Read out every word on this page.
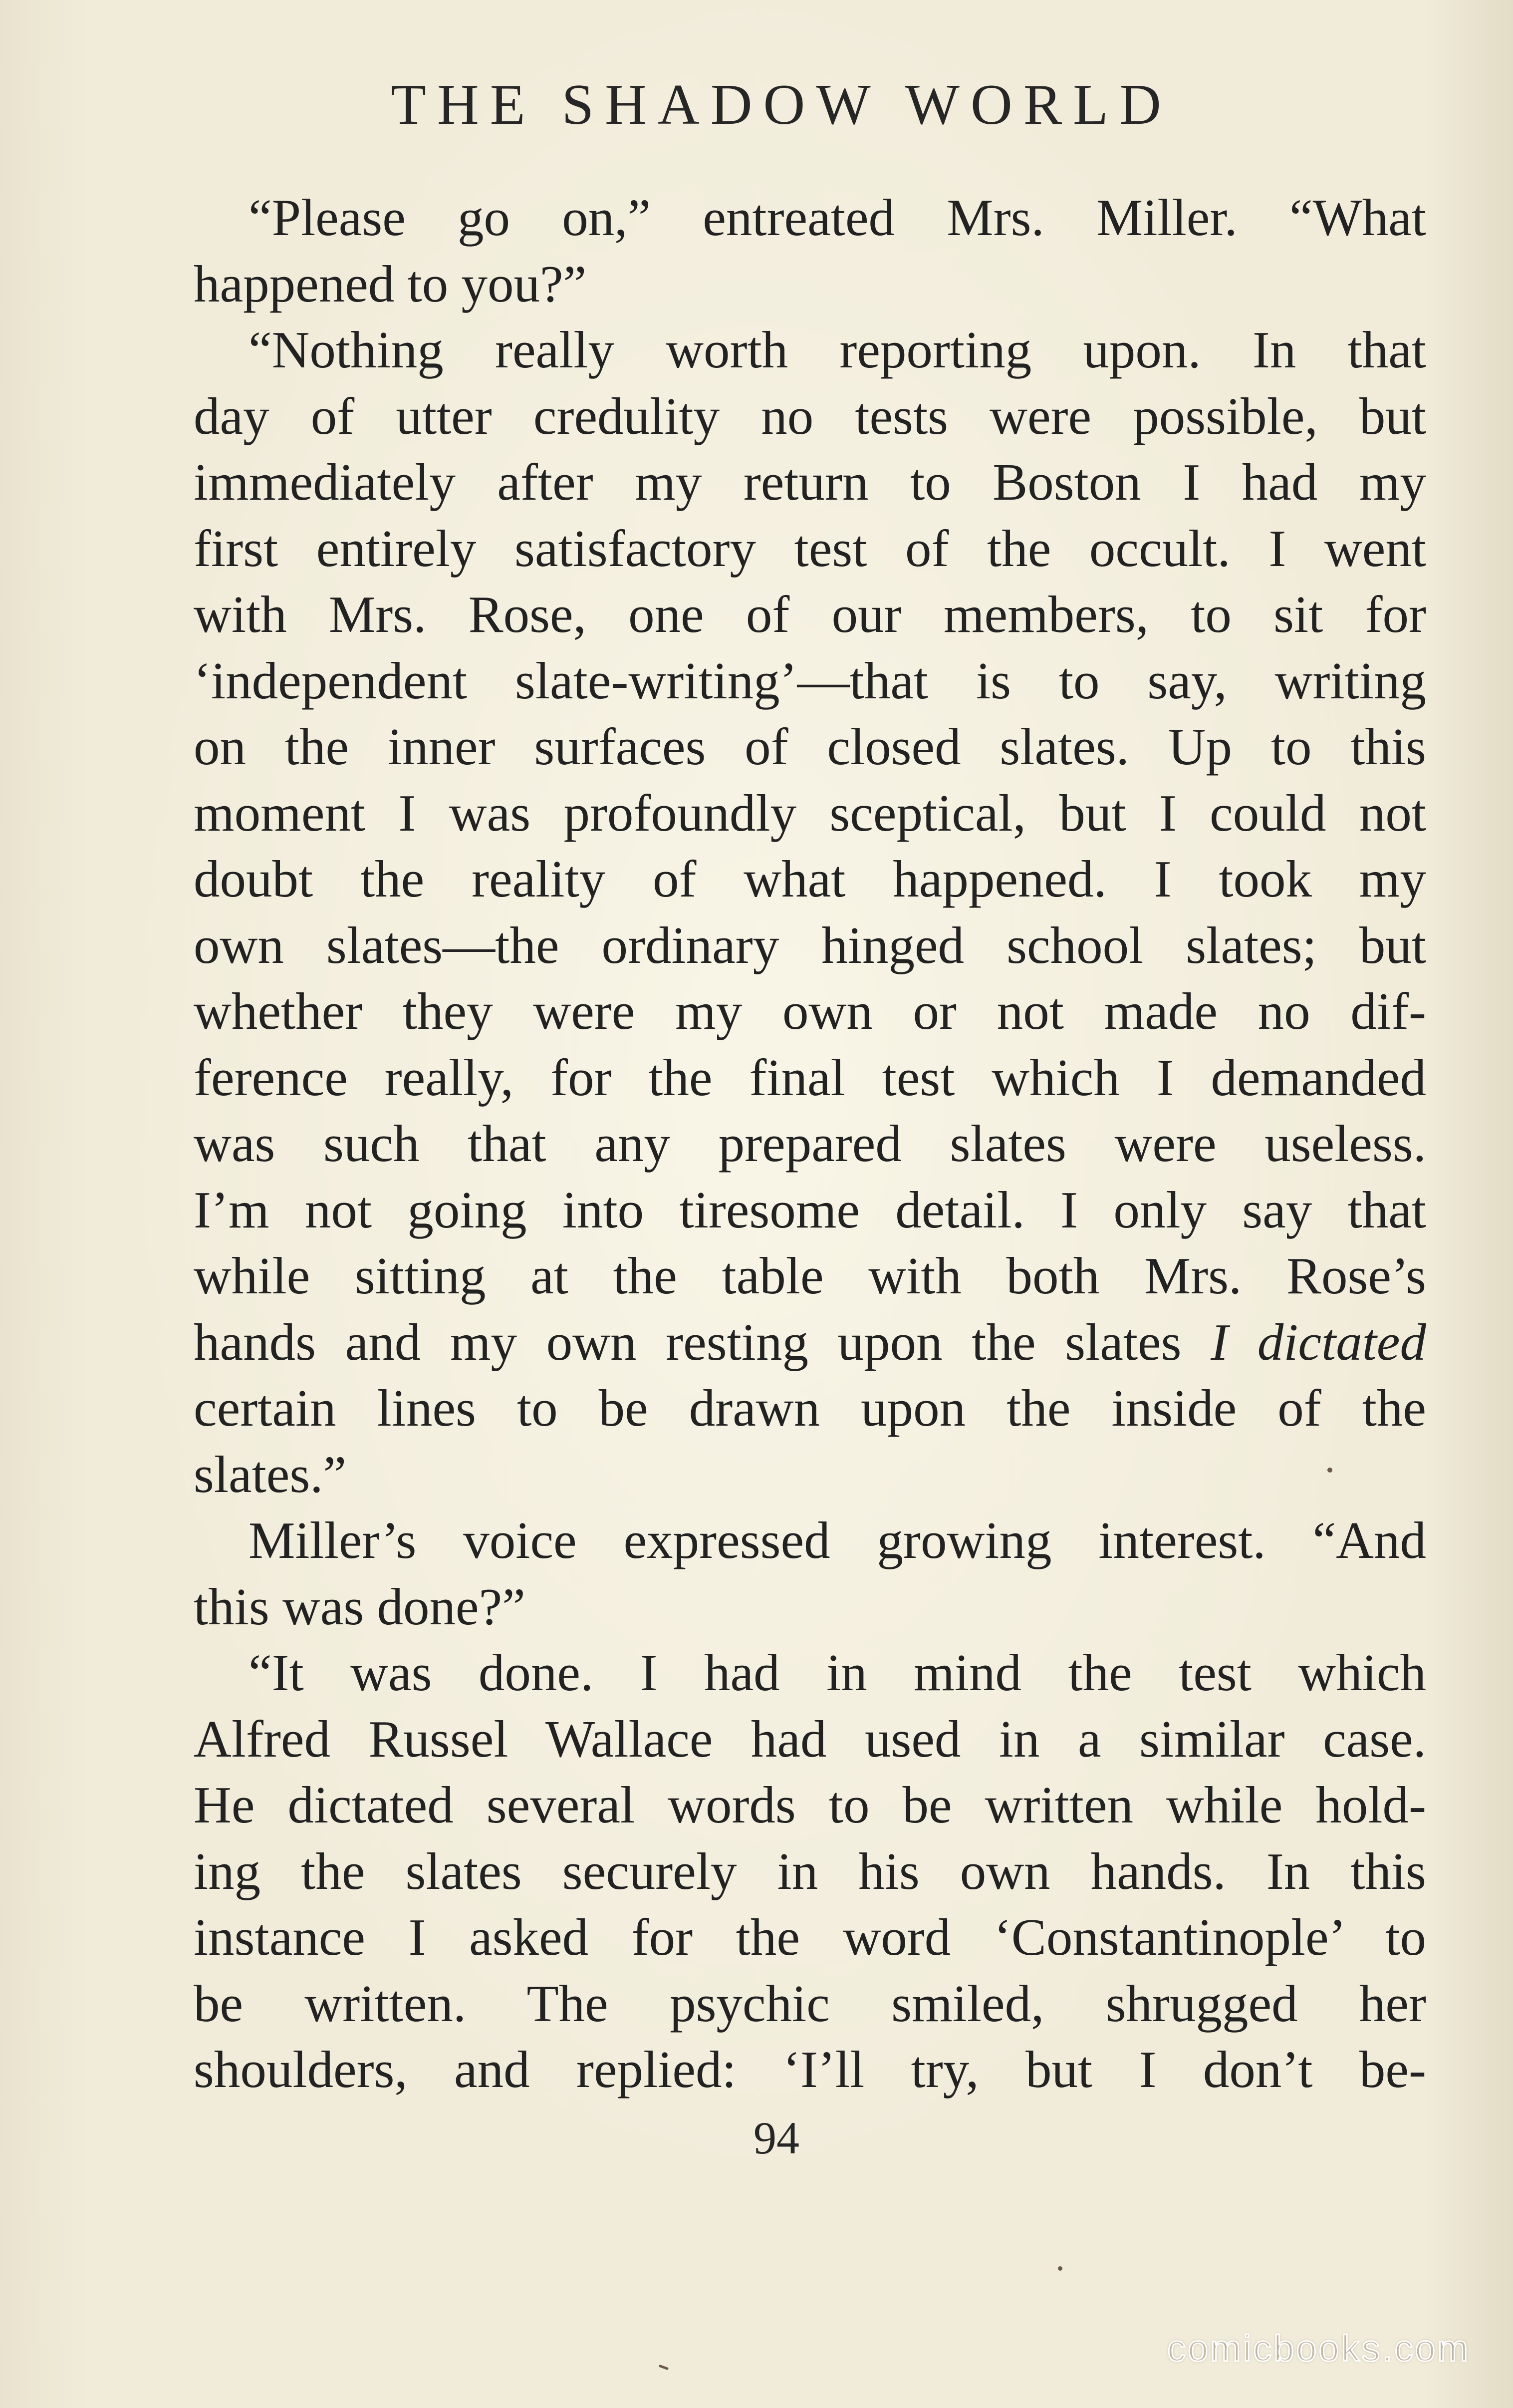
THE SHADOW WORLD
“Please go on,” entreated Mrs. Miller. “What
happened to you?”
“Nothing really worth reporting upon. In that
day of utter credulity no tests were possible, but
immediately after my return to Boston I had my
first entirely satisfactory test of the occult. I went
with Mrs. Rose, one of our members, to sit for
‘independent slate-writing’—that is to say, writing
on the inner surfaces of closed slates. Up to this
moment I was profoundly sceptical, but I could not
doubt the reality of what happened. I took my
own slates—the ordinary hinged school slates; but
whether they were my own or not made no dif-
ference really, for the final test which I demanded
was such that any prepared slates were useless.
I’m not going into tiresome detail. I only say that
while sitting at the table with both Mrs. Rose’s
hands and my own resting upon the slates I dictated
certain lines to be drawn upon the inside of the
slates.”
Miller’s voice expressed growing interest. “And
this was done?”
“It was done. I had in mind the test which
Alfred Russel Wallace had used in a similar case.
He dictated several words to be written while hold-
ing the slates securely in his own hands. In this
instance I asked for the word ‘Constantinople’ to
be written. The psychic smiled, shrugged her
shoulders, and replied: ‘I’ll try, but I don’t be-
94
comicbooks.com
